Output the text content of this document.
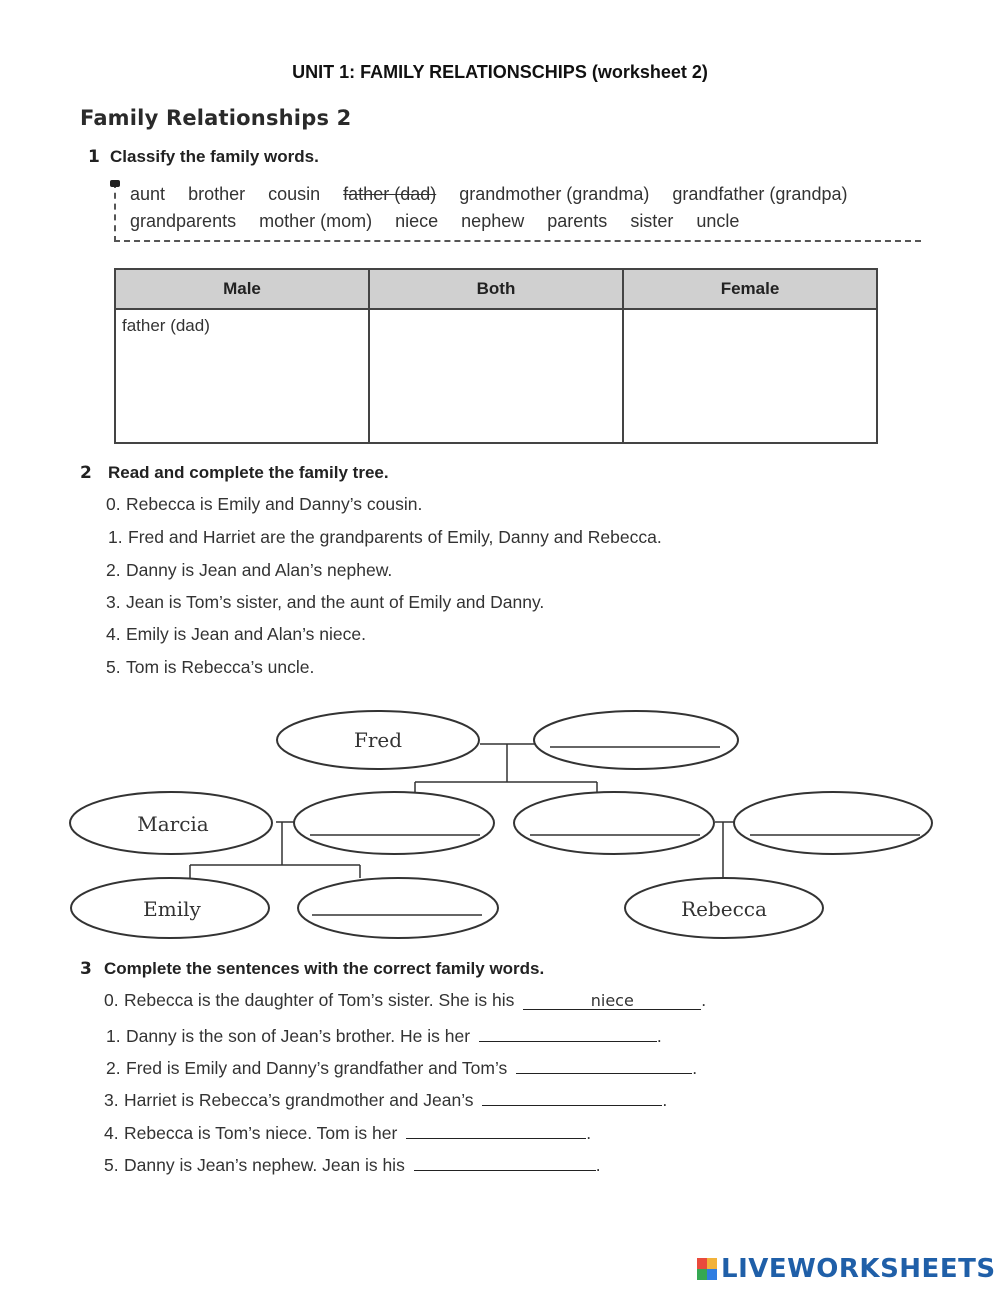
UNIT 1: FAMILY RELATIONSCHIPS (worksheet 2)
Family Relationships 2
1 Classify the family words.
aunt brother cousin father (dad) grandmother (grandma) grandfather (grandpa)
grandparents mother (mom) niece nephew parents sister uncle
Male	Both	Female
father (dad)		
2 Read and complete the family tree.
0. Rebecca is Emily and Danny’s cousin.
1. Fred and Harriet are the grandparents of Emily, Danny and Rebecca.
2. Danny is Jean and Alan’s nephew.
3. Jean is Tom’s sister, and the aunt of Emily and Danny.
4. Emily is Jean and Alan’s niece.
5. Tom is Rebecca’s uncle.
Fred
Marcia
Emily	Rebecca
3 Complete the sentences with the correct family words.
0. Rebecca is the daughter of Tom’s sister. She is his	niece	.
1. Danny is the son of Jean’s brother. He is her	.
2. Fred is Emily and Danny’s grandfather and Tom’s	.
3. Harriet is Rebecca’s grandmother and Jean’s	.
4. Rebecca is Tom’s niece. Tom is her	.
5. Danny is Jean’s nephew. Jean is his	.
LIVEWORKSHEETS
